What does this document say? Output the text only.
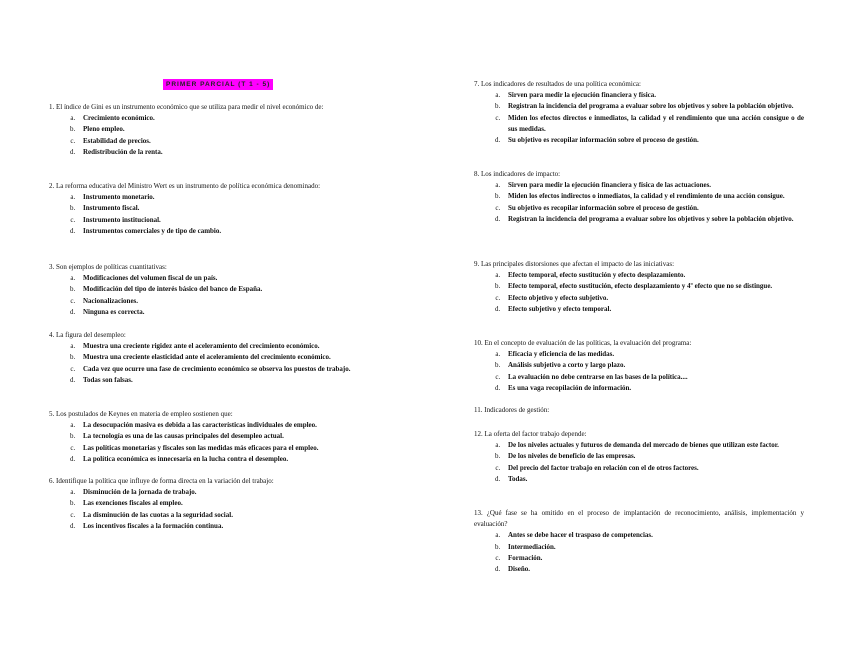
PRIMER PARCIAL (T 1 - 5)
1. El índice de Gini es un instrumento económico que se utiliza para medir el nivel económico de:
a. Crecimiento económico.
b. Pleno empleo.
c. Estabilidad de precios.
d. Redistribución de la renta.
2. La reforma educativa del Ministro Wert es un instrumento de política económica denominado:
a. Instrumento monetario.
b. Instrumento fiscal.
c. Instrumento institucional.
d. Instrumentos comerciales y de tipo de cambio.
3. Son ejemplos de políticas cuantitativas:
a. Modificaciones del volumen fiscal de un país.
b. Modificación del tipo de interés básico del banco de España.
c. Nacionalizaciones.
d. Ninguna es correcta.
4. La figura del desempleo:
a. Muestra una creciente rigidez ante el aceleramiento del crecimiento económico.
b. Muestra una creciente elasticidad ante el aceleramiento del crecimiento económico.
c. Cada vez que ocurre una fase de crecimiento económico se observa los puestos de trabajo.
d. Todas son falsas.
5. Los postulados de Keynes en materia de empleo sostienen que:
a. La desocupación masiva es debida a las características individuales de empleo.
b. La tecnología es una de las causas principales del desempleo actual.
c. Las políticas monetarias y fiscales son las medidas más eficaces para el empleo.
d. La política económica es innecesaria en la lucha contra el desempleo.
6. Identifique la política que influye de forma directa en la variación del trabajo:
a. Disminución de la jornada de trabajo.
b. Las exenciones fiscales al empleo.
c. La disminución de las cuotas a la seguridad social.
d. Los incentivos fiscales a la formación continua.
7. Los indicadores de resultados de una política económica:
a. Sirven para medir la ejecución financiera y física.
b. Registran la incidencia del programa a evaluar sobre los objetivos y sobre la población objetivo.
c. Miden los efectos directos e inmediatos, la calidad y el rendimiento que una acción consigue o de sus medidas.
d. Su objetivo es recopilar información sobre el proceso de gestión.
8. Los indicadores de impacto:
a. Sirven para medir la ejecución financiera y física de las actuaciones.
b. Miden los efectos indirectos o inmediatos, la calidad y el rendimiento de una acción consigue.
c. Su objetivo es recopilar información sobre el proceso de gestión.
d. Registran la incidencia del programa a evaluar sobre los objetivos y sobre la población objetivo.
9. Las principales distorsiones que afectan el impacto de las iniciativas:
a. Efecto temporal, efecto sustitución y efecto desplazamiento.
b. Efecto temporal, efecto sustitución, efecto desplazamiento y 4º efecto que no se distingue.
c. Efecto objetivo y efecto subjetivo.
d. Efecto subjetivo y efecto temporal.
10. En el concepto de evaluación de las políticas, la evaluación del programa:
a. Eficacia y eficiencia de las medidas.
b. Análisis subjetivo a corto y largo plazo.
c. La evaluación no debe centrarse en las bases de la política....
d. Es una vaga recopilación de información.
11. Indicadores de gestión:
12. La oferta del factor trabajo depende:
a. De los niveles actuales y futuros de demanda del mercado de bienes que utilizan este factor.
b. De los niveles de beneficio de las empresas.
c. Del precio del factor trabajo en relación con el de otros factores.
d. Todas.
13. ¿Qué fase se ha omitido en el proceso de implantación de reconocimiento, análisis, implementación y evaluación?
a. Antes se debe hacer el traspaso de competencias.
b. Intermediación.
c. Formación.
d. Diseño.
